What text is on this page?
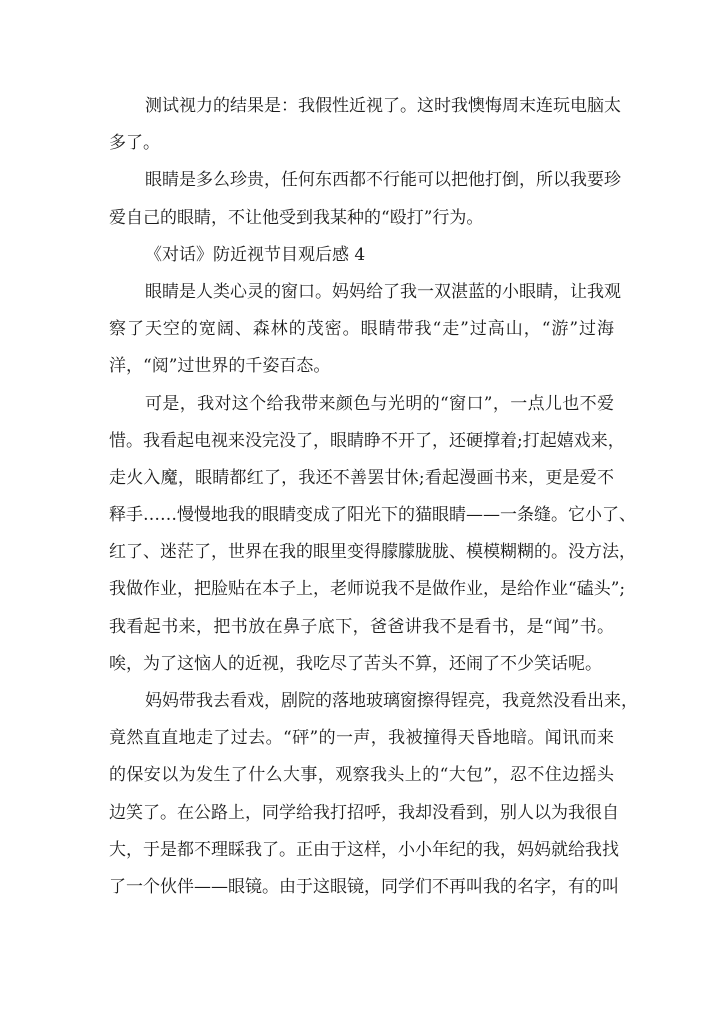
测试视力的结果是：我假性近视了。这时我懊悔周末连玩电脑太
多了。
眼睛是多么珍贵，任何东西都不行能可以把他打倒，所以我要珍
爱自己的眼睛，不让他受到我某种的“殴打”行为。
《对话》防近视节目观后感 4
眼睛是人类心灵的窗口。妈妈给了我一双湛蓝的小眼睛，让我观
察了天空的宽阔、森林的茂密。眼睛带我“走”过高山，“游”过海
洋，“阅”过世界的千姿百态。
可是，我对这个给我带来颜色与光明的“窗口”，一点儿也不爱
惜。我看起电视来没完没了，眼睛睁不开了，还硬撑着;打起嬉戏来，
走火入魔，眼睛都红了，我还不善罢甘休;看起漫画书来，更是爱不
释手……慢慢地我的眼睛变成了阳光下的猫眼睛——一条缝。它小了、
红了、迷茫了，世界在我的眼里变得朦朦胧胧、模模糊糊的。没方法，
我做作业，把脸贴在本子上，老师说我不是做作业，是给作业“磕头”;
我看起书来，把书放在鼻子底下，爸爸讲我不是看书，是“闻”书。
唉，为了这恼人的近视，我吃尽了苦头不算，还闹了不少笑话呢。
妈妈带我去看戏，剧院的落地玻璃窗擦得锃亮，我竟然没看出来，
竟然直直地走了过去。“砰”的一声，我被撞得天昏地暗。闻讯而来
的保安以为发生了什么大事，观察我头上的“大包”，忍不住边摇头
边笑了。在公路上，同学给我打招呼，我却没看到，别人以为我很自
大，于是都不理睬我了。正由于这样，小小年纪的我，妈妈就给我找
了一个伙伴——眼镜。由于这眼镜，同学们不再叫我的名字，有的叫
